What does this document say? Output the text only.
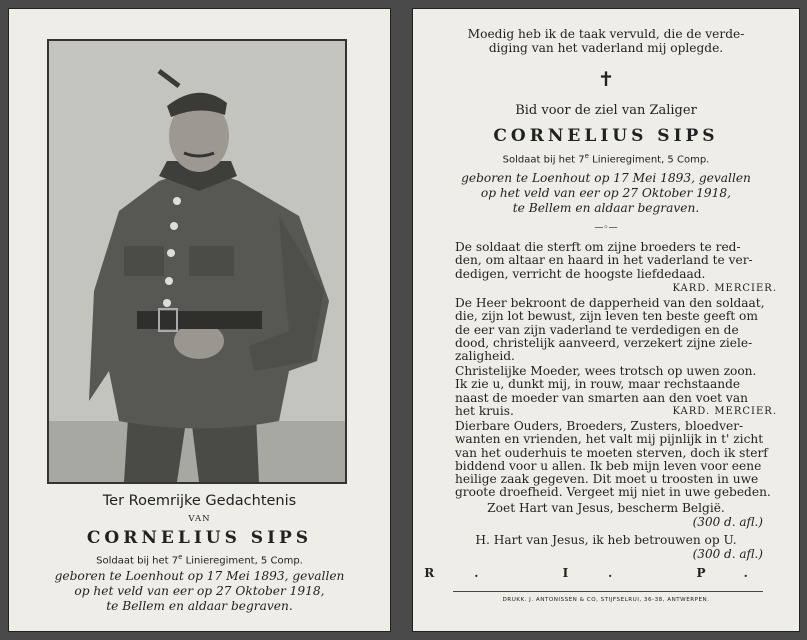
Ter Roemrijke Gedachtenis
VAN
CORNELIUS SIPS
Soldaat bij het 7e Linieregiment, 5 Comp.
geboren te Loenhout op 17 Mei 1893, gevallen
op het veld van eer op 27 Oktober 1918,
te Bellem en aldaar begraven.
Moedig heb ik de taak vervuld, die de verde-
diging van het vaderland mij oplegde.
✝
Bid voor de ziel van Zaliger
CORNELIUS SIPS
Soldaat bij het 7e Linieregiment, 5 Comp.
geboren te Loenhout op 17 Mei 1893, gevallen
op het veld van eer op 27 Oktober 1918,
te Bellem en aldaar begraven.
—◦—
De soldaat die sterft om zijne broeders te red-
den, om altaar en haard in het vaderland te ver-
dedigen, verricht de hoogste liefdedaad.
KARD. MERCIER.
De Heer bekroont de dapperheid van den soldaat,
die, zijn lot bewust, zijn leven ten beste geeft om
de eer van zijn vaderland te verdedigen en de
dood, christelijk aanveerd, verzekert zijne ziele-
zaligheid.
Christelijke Moeder, wees trotsch op uwen zoon.
Ik zie u, dunkt mij, in rouw, maar rechstaande
naast de moeder van smarten aan den voet van
het kruis.	KARD. MERCIER.
Dierbare Ouders, Broeders, Zusters, bloedver-
wanten en vrienden, het valt mij pijnlijk in t' zicht
van het ouderhuis te moeten sterven, doch ik sterf
biddend voor u allen. Ik beb mijn leven voor eene
heilige zaak gegeven. Dit moet u troosten in uwe
groote droefheid. Vergeet mij niet in uwe gebeden.
Zoet Hart van Jesus, bescherm België.
(300 d. afl.)
H. Hart van Jesus, ik heb betrouwen op U.
(300 d. afl.)
R. I. P.
DRUKK. J. ANTONISSEN & CO, STIJFSELRUI, 36-38, ANTWERPEN.
